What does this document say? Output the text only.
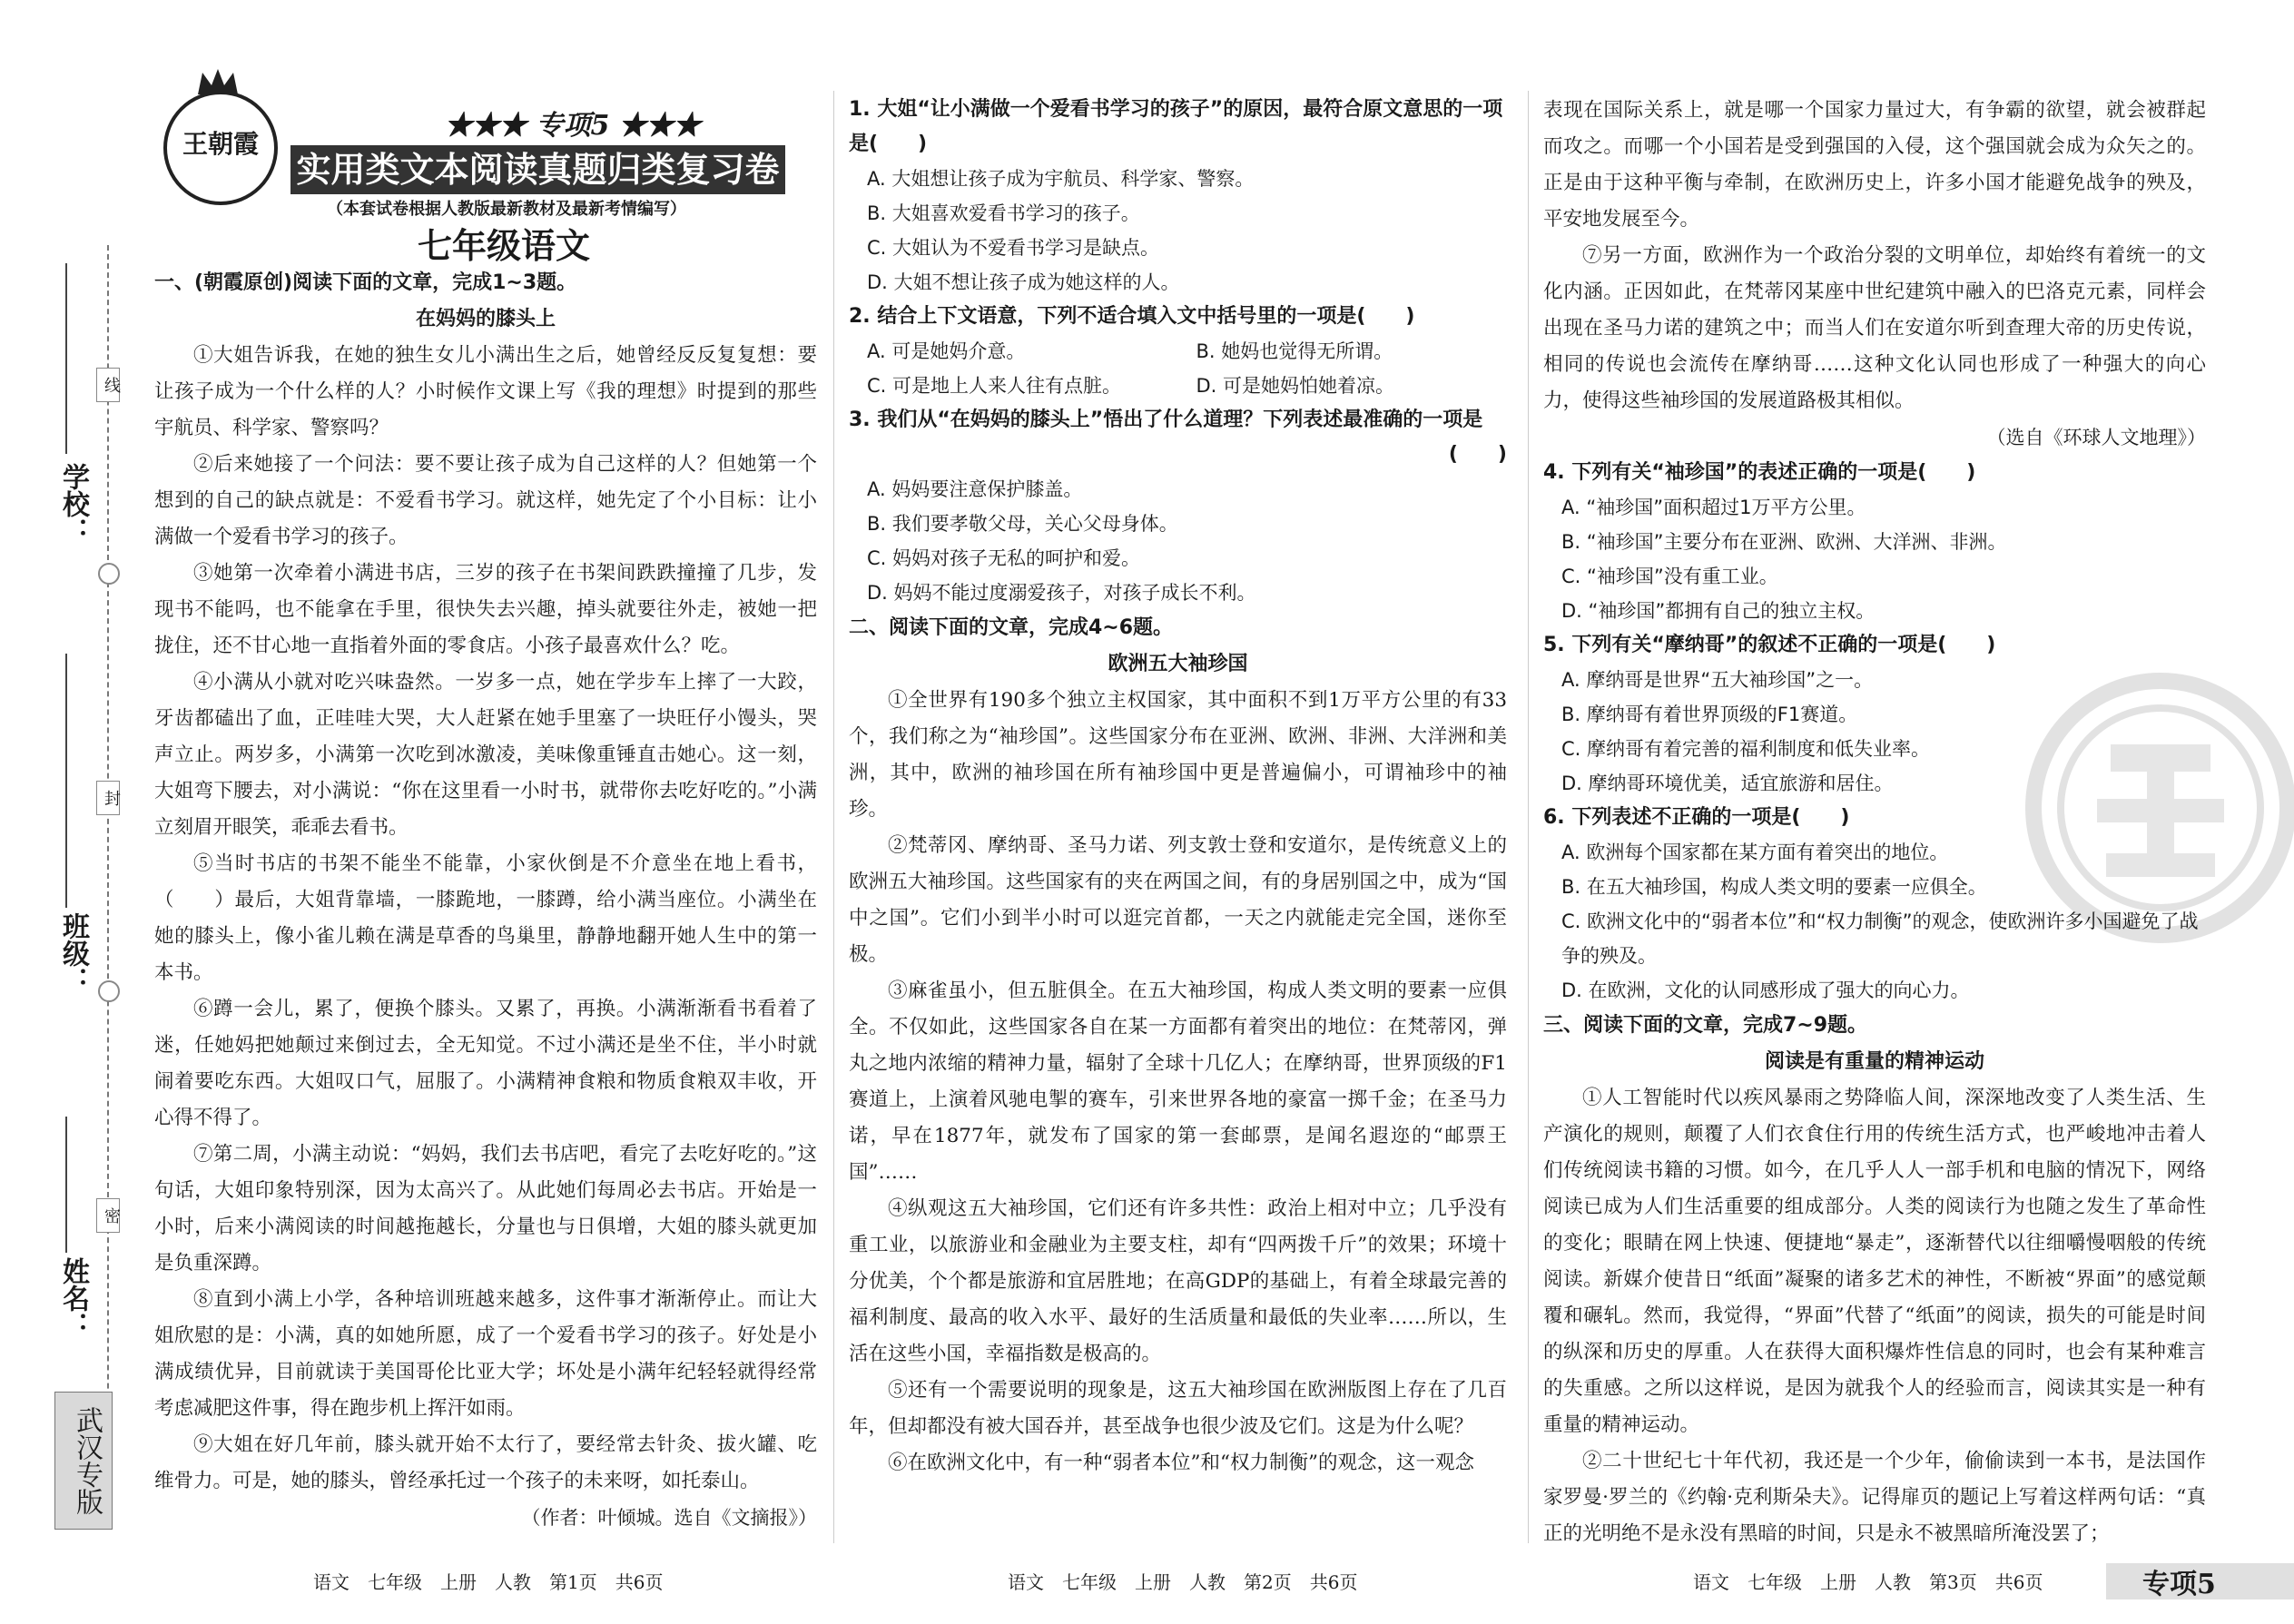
线
封
密
学校：
班级：
姓名：
武汉专版
王朝霞
★★★ 专项5 ★★★
实用类文本阅读真题归类复习卷
（本套试卷根据人教版最新教材及最新考情编写）
七年级语文

一、(朝霞原创)阅读下面的文章，完成1~3题。

在妈妈的膝头上

①大姐告诉我，在她的独生女儿小满出生之后，她曾经反反复复想：要让孩子成为一个什么样的人？小时候作文课上写《我的理想》时提到的那些宇航员、科学家、警察吗？

②后来她接了一个问法：要不要让孩子成为自己这样的人？但她第一个想到的自己的缺点就是：不爱看书学习。就这样，她先定了个小目标：让小满做一个爱看书学习的孩子。

③她第一次牵着小满进书店，三岁的孩子在书架间跌跌撞撞了几步，发现书不能吗，也不能拿在手里，很快失去兴趣，掉头就要往外走，被她一把拢住，还不甘心地一直指着外面的零食店。小孩子最喜欢什么？吃。

④小满从小就对吃兴味盎然。一岁多一点，她在学步车上摔了一大跤，牙齿都磕出了血，正哇哇大哭，大人赶紧在她手里塞了一块旺仔小馒头，哭声立止。两岁多，小满第一次吃到冰激凌，美味像重锤直击她心。这一刻，大姐弯下腰去，对小满说：“你在这里看一小时书，就带你去吃好吃的。”小满立刻眉开眼笑，乖乖去看书。

⑤当时书店的书架不能坐不能靠，小家伙倒是不介意坐在地上看书，（　　）最后，大姐背靠墙，一膝跪地，一膝蹲，给小满当座位。小满坐在她的膝头上，像小雀儿赖在满是草香的鸟巢里，静静地翻开她人生中的第一本书。

⑥蹲一会儿，累了，便换个膝头。又累了，再换。小满渐渐看书看着了迷，任她妈把她颠过来倒过去，全无知觉。不过小满还是坐不住，半小时就闹着要吃东西。大姐叹口气，屈服了。小满精神食粮和物质食粮双丰收，开心得不得了。

⑦第二周，小满主动说：“妈妈，我们去书店吧，看完了去吃好吃的。”这句话，大姐印象特别深，因为太高兴了。从此她们每周必去书店。开始是一小时，后来小满阅读的时间越拖越长，分量也与日俱增，大姐的膝头就更加是负重深蹲。

⑧直到小满上小学，各种培训班越来越多，这件事才渐渐停止。而让大姐欣慰的是：小满，真的如她所愿，成了一个爱看书学习的孩子。好处是小满成绩优异，目前就读于美国哥伦比亚大学；坏处是小满年纪轻轻就得经常考虑减肥这件事，得在跑步机上挥汗如雨。

⑨大姐在好几年前，膝头就开始不太行了，要经常去针灸、拔火罐、吃维骨力。可是，她的膝头，曾经承托过一个孩子的未来呀，如托泰山。

（作者：叶倾城。选自《文摘报》）

语文　七年级　上册　人教　第1页　共6页

1. 大姐“让小满做一个爱看书学习的孩子”的原因，最符合原文意思的一项是(　　)

A. 大姐想让孩子成为宇航员、科学家、警察。

B. 大姐喜欢爱看书学习的孩子。

C. 大姐认为不爱看书学习是缺点。

D. 大姐不想让孩子成为她这样的人。

2. 结合上下文语意，下列不适合填入文中括号里的一项是(　　)

A. 可是她妈介意。	B. 她妈也觉得无所谓。

C. 可是地上人来人往有点脏。	D. 可是她妈怕她着凉。

3. 我们从“在妈妈的膝头上”悟出了什么道理？下列表述最准确的一项是

(　　)

A. 妈妈要注意保护膝盖。

B. 我们要孝敬父母，关心父母身体。

C. 妈妈对孩子无私的呵护和爱。

D. 妈妈不能过度溺爱孩子，对孩子成长不利。

二、阅读下面的文章，完成4~6题。

欧洲五大袖珍国

①全世界有190多个独立主权国家，其中面积不到1万平方公里的有33个，我们称之为“袖珍国”。这些国家分布在亚洲、欧洲、非洲、大洋洲和美洲，其中，欧洲的袖珍国在所有袖珍国中更是普遍偏小，可谓袖珍中的袖珍。

②梵蒂冈、摩纳哥、圣马力诺、列支敦士登和安道尔，是传统意义上的欧洲五大袖珍国。这些国家有的夹在两国之间，有的身居别国之中，成为“国中之国”。它们小到半小时可以逛完首都，一天之内就能走完全国，迷你至极。

③麻雀虽小，但五脏俱全。在五大袖珍国，构成人类文明的要素一应俱全。不仅如此，这些国家各自在某一方面都有着突出的地位：在梵蒂冈，弹丸之地内浓缩的精神力量，辐射了全球十几亿人；在摩纳哥，世界顶级的F1赛道上，上演着风驰电掣的赛车，引来世界各地的豪富一掷千金；在圣马力诺，早在1877年，就发布了国家的第一套邮票，是闻名遐迩的“邮票王国”……

④纵观这五大袖珍国，它们还有许多共性：政治上相对中立；几乎没有重工业，以旅游业和金融业为主要支柱，却有“四两拨千斤”的效果；环境十分优美，个个都是旅游和宜居胜地；在高GDP的基础上，有着全球最完善的福利制度、最高的收入水平、最好的生活质量和最低的失业率……所以，生活在这些小国，幸福指数是极高的。

⑤还有一个需要说明的现象是，这五大袖珍国在欧洲版图上存在了几百年，但却都没有被大国吞并，甚至战争也很少波及它们。这是为什么呢？

⑥在欧洲文化中，有一种“弱者本位”和“权力制衡”的观念，这一观念

语文　七年级　上册　人教　第2页　共6页

表现在国际关系上，就是哪一个国家力量过大，有争霸的欲望，就会被群起而攻之。而哪一个小国若是受到强国的入侵，这个强国就会成为众矢之的。正是由于这种平衡与牵制，在欧洲历史上，许多小国才能避免战争的殃及，平安地发展至今。

⑦另一方面，欧洲作为一个政治分裂的文明单位，却始终有着统一的文化内涵。正因如此，在梵蒂冈某座中世纪建筑中融入的巴洛克元素，同样会出现在圣马力诺的建筑之中；而当人们在安道尔听到查理大帝的历史传说，相同的传说也会流传在摩纳哥……这种文化认同也形成了一种强大的向心力，使得这些袖珍国的发展道路极其相似。

（选自《环球人文地理》）

4. 下列有关“袖珍国”的表述正确的一项是(　　)

A. “袖珍国”面积超过1万平方公里。

B. “袖珍国”主要分布在亚洲、欧洲、大洋洲、非洲。

C. “袖珍国”没有重工业。

D. “袖珍国”都拥有自己的独立主权。

5. 下列有关“摩纳哥”的叙述不正确的一项是(　　)

A. 摩纳哥是世界“五大袖珍国”之一。

B. 摩纳哥有着世界顶级的F1赛道。

C. 摩纳哥有着完善的福利制度和低失业率。

D. 摩纳哥环境优美，适宜旅游和居住。

6. 下列表述不正确的一项是(　　)

A. 欧洲每个国家都在某方面有着突出的地位。

B. 在五大袖珍国，构成人类文明的要素一应俱全。

C. 欧洲文化中的“弱者本位”和“权力制衡”的观念，使欧洲许多小国避免了战争的殃及。

D. 在欧洲，文化的认同感形成了强大的向心力。

三、阅读下面的文章，完成7~9题。

阅读是有重量的精神运动

①人工智能时代以疾风暴雨之势降临人间，深深地改变了人类生活、生产演化的规则，颠覆了人们衣食住行用的传统生活方式，也严峻地冲击着人们传统阅读书籍的习惯。如今，在几乎人人一部手机和电脑的情况下，网络阅读已成为人们生活重要的组成部分。人类的阅读行为也随之发生了革命性的变化；眼睛在网上快速、便捷地“暴走”，逐渐替代以往细嚼慢咽般的传统阅读。新媒介使昔日“纸面”凝聚的诸多艺术的神性，不断被“界面”的感觉颠覆和碾轧。然而，我觉得，“界面”代替了“纸面”的阅读，损失的可能是时间的纵深和历史的厚重。人在获得大面积爆炸性信息的同时，也会有某种难言的失重感。之所以这样说，是因为就我个人的经验而言，阅读其实是一种有重量的精神运动。

②二十世纪七十年代初，我还是一个少年，偷偷读到一本书，是法国作家罗曼·罗兰的《约翰·克利斯朵夫》。记得扉页的题记上写着这样两句话：“真正的光明绝不是永没有黑暗的时间，只是永不被黑暗所淹没罢了；

语文　七年级　上册　人教　第3页　共6页	专项5
